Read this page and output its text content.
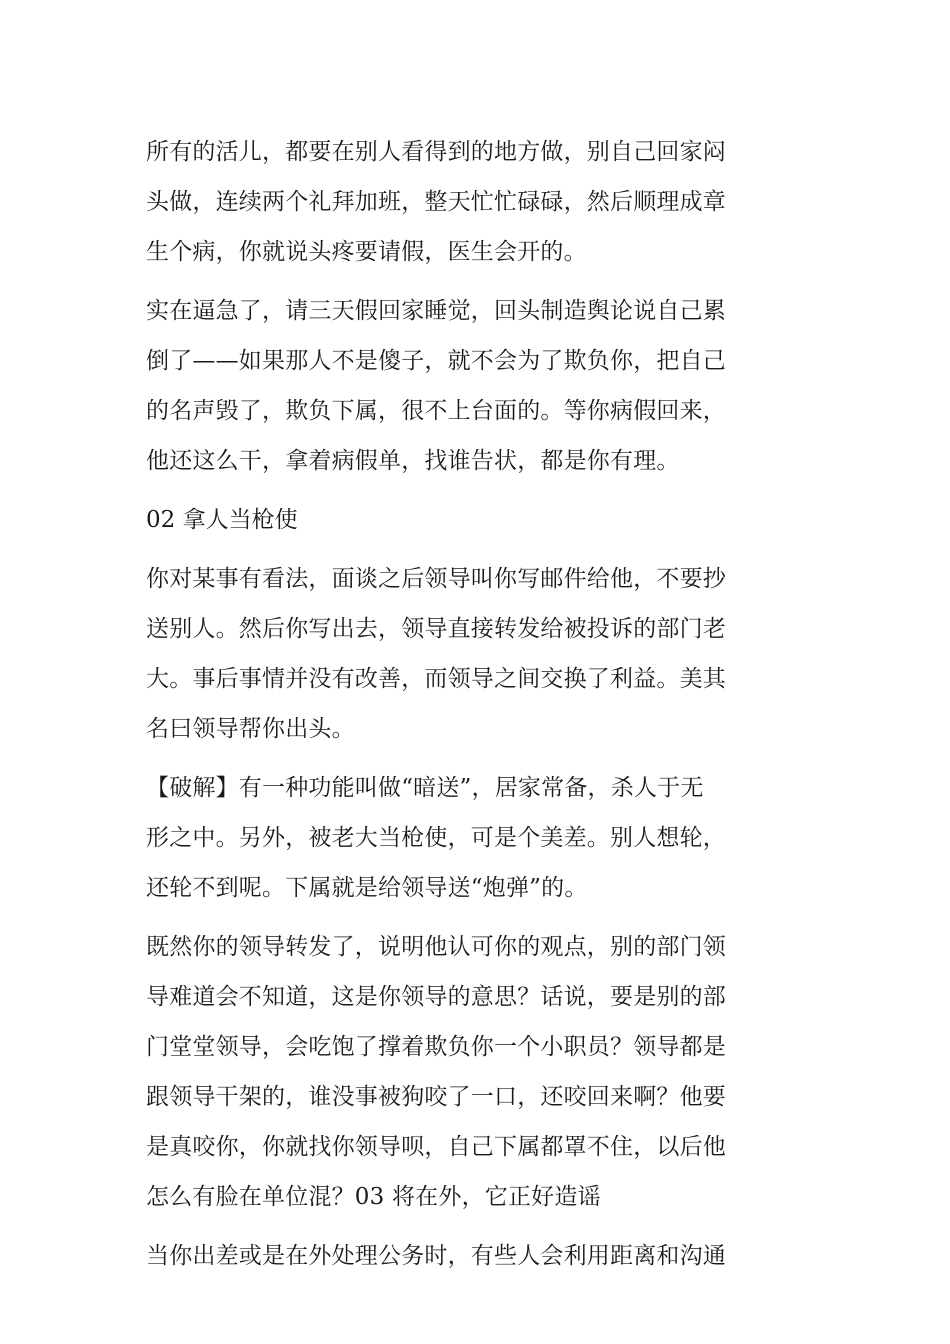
所有的活儿，都要在别人看得到的地方做，别自己回家闷
头做，连续两个礼拜加班，整天忙忙碌碌，然后顺理成章
生个病，你就说头疼要请假，医生会开的。

实在逼急了，请三天假回家睡觉，回头制造舆论说自己累
倒了——如果那人不是傻子，就不会为了欺负你，把自己
的名声毁了，欺负下属，很不上台面的。等你病假回来，
他还这么干，拿着病假单，找谁告状，都是你有理。

02 拿人当枪使

你对某事有看法，面谈之后领导叫你写邮件给他，不要抄
送别人。然后你写出去，领导直接转发给被投诉的部门老
大。事后事情并没有改善，而领导之间交换了利益。美其
名曰领导帮你出头。

【破解】有一种功能叫做“暗送”，居家常备，杀人于无
形之中。另外，被老大当枪使，可是个美差。别人想轮，
还轮不到呢。下属就是给领导送“炮弹”的。

既然你的领导转发了，说明他认可你的观点，别的部门领
导难道会不知道，这是你领导的意思？话说，要是别的部
门堂堂领导，会吃饱了撑着欺负你一个小职员？领导都是
跟领导干架的，谁没事被狗咬了一口，还咬回来啊？他要
是真咬你，你就找你领导呗，自己下属都罩不住，以后他
怎么有脸在单位混？03 将在外，它正好造谣

当你出差或是在外处理公务时，有些人会利用距离和沟通
